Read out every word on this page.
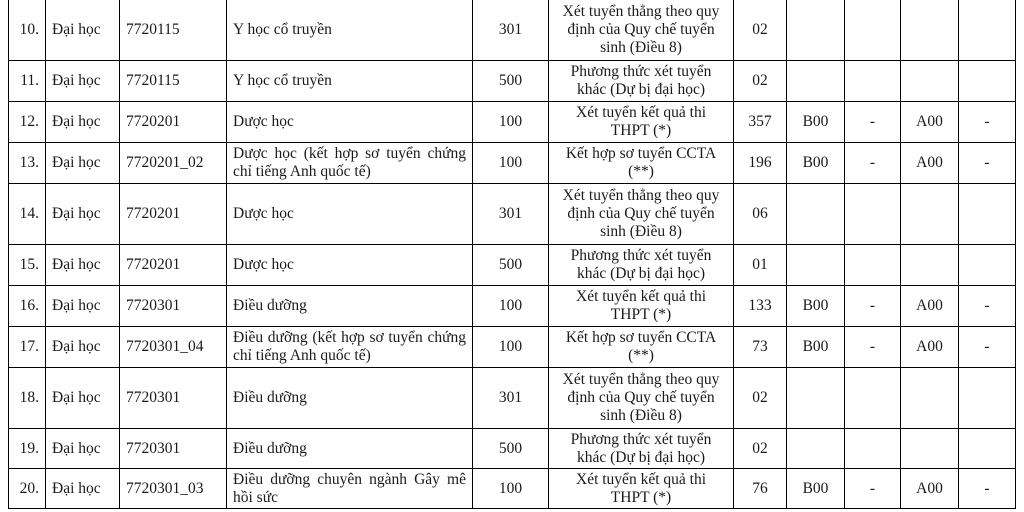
10.	Đại học	7720115	Y học cổ truyền	301	Xét tuyển thẳng theo quy định của Quy chế tuyển sinh (Điều 8)	02				
11.	Đại học	7720115	Y học cổ truyền	500	Phương thức xét tuyển khác (Dự bị đại học)	02				
12.	Đại học	7720201	Dược học	100	Xét tuyển kết quả thi THPT (*)	357	B00	-	A00	-
13.	Đại học	7720201_02	Dược học (kết hợp sơ tuyển chứng chỉ tiếng Anh quốc tế)	100	Kết hợp sơ tuyển CCTA (**)	196	B00	-	A00	-
14.	Đại học	7720201	Dược học	301	Xét tuyển thẳng theo quy định của Quy chế tuyển sinh (Điều 8)	06				
15.	Đại học	7720201	Dược học	500	Phương thức xét tuyển khác (Dự bị đại học)	01				
16.	Đại học	7720301	Điều dưỡng	100	Xét tuyển kết quả thi THPT (*)	133	B00	-	A00	-
17.	Đại học	7720301_04	Điều dưỡng (kết hợp sơ tuyển chứng chỉ tiếng Anh quốc tế)	100	Kết hợp sơ tuyển CCTA (**)	73	B00	-	A00	-
18.	Đại học	7720301	Điều dưỡng	301	Xét tuyển thẳng theo quy định của Quy chế tuyển sinh (Điều 8)	02				
19.	Đại học	7720301	Điều dưỡng	500	Phương thức xét tuyển khác (Dự bị đại học)	02				
20.	Đại học	7720301_03	Điều dưỡng chuyên ngành Gây mê hồi sức	100	Xét tuyển kết quả thi THPT (*)	76	B00	-	A00	-
